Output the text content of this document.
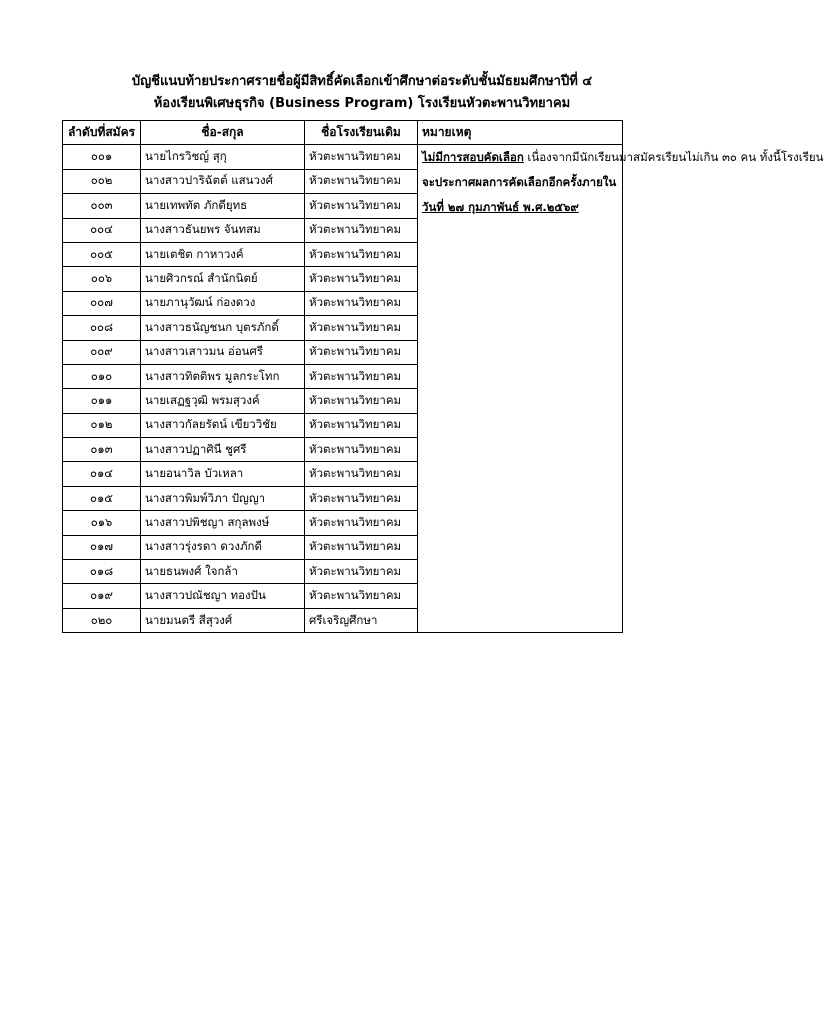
บัญชีแนบท้ายประกาศรายชื่อผู้มีสิทธิ์คัดเลือกเข้าศึกษาต่อระดับชั้นมัธยมศึกษาปีที่ ๔
ห้องเรียนพิเศษธุรกิจ (Business Program) โรงเรียนหัวตะพานวิทยาคม
ลำดับที่สมัคร	ชื่อ-สกุล	ชื่อโรงเรียนเดิม	หมายเหตุ
๐๐๑	นายไกรวิชญ์ สุกุ	หัวตะพานวิทยาคม	ไม่มีการสอบคัดเลือก เนื่องจากมีนักเรียนมาสมัครเรียนไม่เกิน ๓๐ คน ทั้งนี้โรงเรียน
จะประกาศผลการคัดเลือกอีกครั้งภายใน
วันที่ ๒๗ กุมภาพันธ์ พ.ศ.๒๕๖๙
๐๐๒	นางสาวปาริฉัตต์ แสนวงศ์	หัวตะพานวิทยาคม	
๐๐๓	นายเทพทัต ภักดียุทธ	หัวตะพานวิทยาคม	
๐๐๔	นางสาวธันยพร จันทสม	หัวตะพานวิทยาคม	
๐๐๕	นายเตชิต กาหาวงค์	หัวตะพานวิทยาคม	
๐๐๖	นายศิวกรณ์ สำนักนิตย์	หัวตะพานวิทยาคม	
๐๐๗	นายภานุวัฒน์ ก่องดวง	หัวตะพานวิทยาคม	
๐๐๘	นางสาวธนัญชนก บุตรภักดิ์	หัวตะพานวิทยาคม	
๐๐๙	นางสาวเสาวมน อ่อนศรี	หัวตะพานวิทยาคม	
๐๑๐	นางสาวทิตติพร มูลกระโทก	หัวตะพานวิทยาคม	
๐๑๑	นายเสฏฐวุฒิ พรมสุวงค์	หัวตะพานวิทยาคม	
๐๑๒	นางสาวกัลยรัตน์ เขียววิชัย	หัวตะพานวิทยาคม	
๐๑๓	นางสาวปฏาศินี ชูศรี	หัวตะพานวิทยาคม	
๐๑๔	นายอนาวิล บัวเหลา	หัวตะพานวิทยาคม	
๐๑๕	นางสาวพิมพ์วิภา ปัญญา	หัวตะพานวิทยาคม	
๐๑๖	นางสาวปพิชญา สกุลพงษ์	หัวตะพานวิทยาคม	
๐๑๗	นางสาวรุ่งรดา ดวงภักดี	หัวตะพานวิทยาคม	
๐๑๘	นายธนพงศ์ ใจกล้า	หัวตะพานวิทยาคม	
๐๑๙	นางสาวปณัชญา ทองปัน	หัวตะพานวิทยาคม	
๐๒๐	นายมนตรี สีสุวงศ์	ศรีเจริญศึกษา	
